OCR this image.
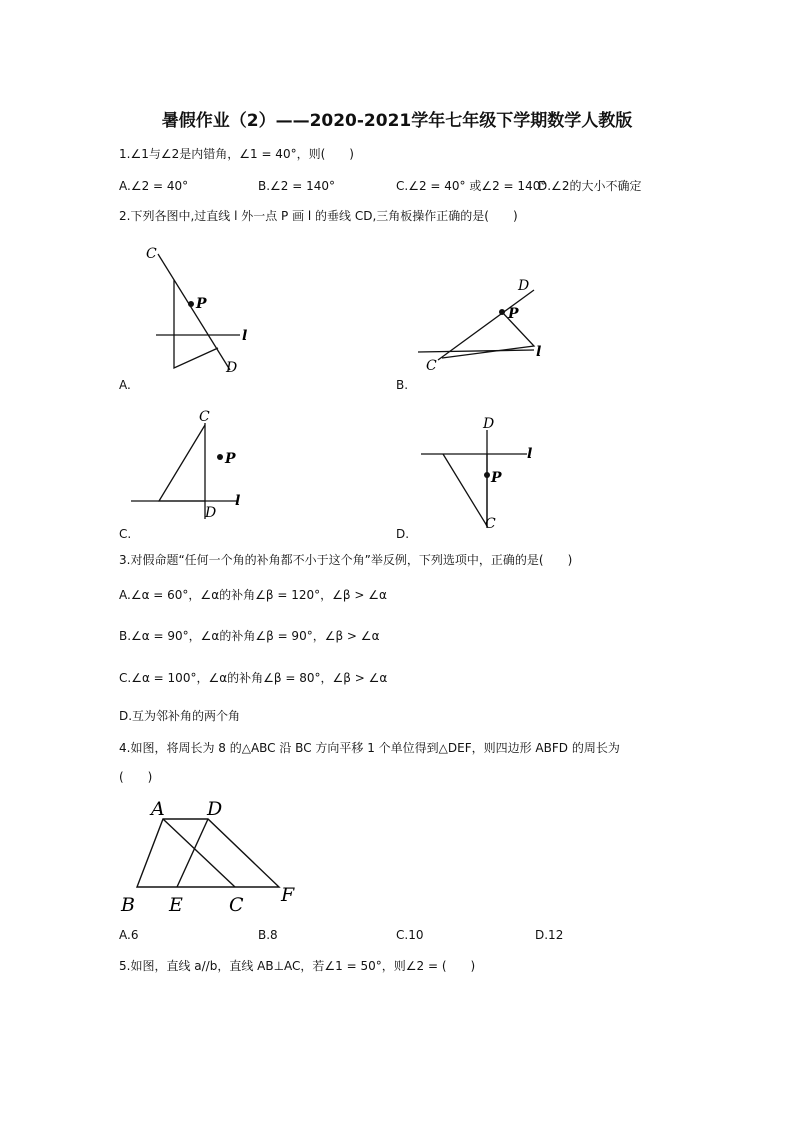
暑假作业（2）——2020-2021学年七年级下学期数学人教版
1.∠1与∠2是内错角，∠1 = 40°，则(　　)
A.∠2 = 40°	B.∠2 = 140°	C.∠2 = 40° 或∠2 = 140°
D.∠2的大小不确定
2.下列各图中,过直线 l 外一点 P 画 l 的垂线 CD,三角板操作正确的是(　　)
C
P
l
D
A.
D
P
l
C
B.
C
P
l
D
C.
D
l
P
C
D.
3.对假命题“任何一个角的补角都不小于这个角”举反例，下列选项中，正确的是(　　)
A.∠α = 60°，∠α的补角∠β = 120°，∠β > ∠α
B.∠α = 90°，∠α的补角∠β = 90°，∠β > ∠α
C.∠α = 100°，∠α的补角∠β = 80°，∠β > ∠α
D.互为邻补角的两个角
4.如图，将周长为 8 的△ABC 沿 BC 方向平移 1 个单位得到△DEF，则四边形 ABFD 的周长为
(　　)
A D
B E C F
A.6	B.8	C.10	D.12
5.如图，直线 a//b，直线 AB⊥AC，若∠1 = 50°，则∠2 = (　　)
